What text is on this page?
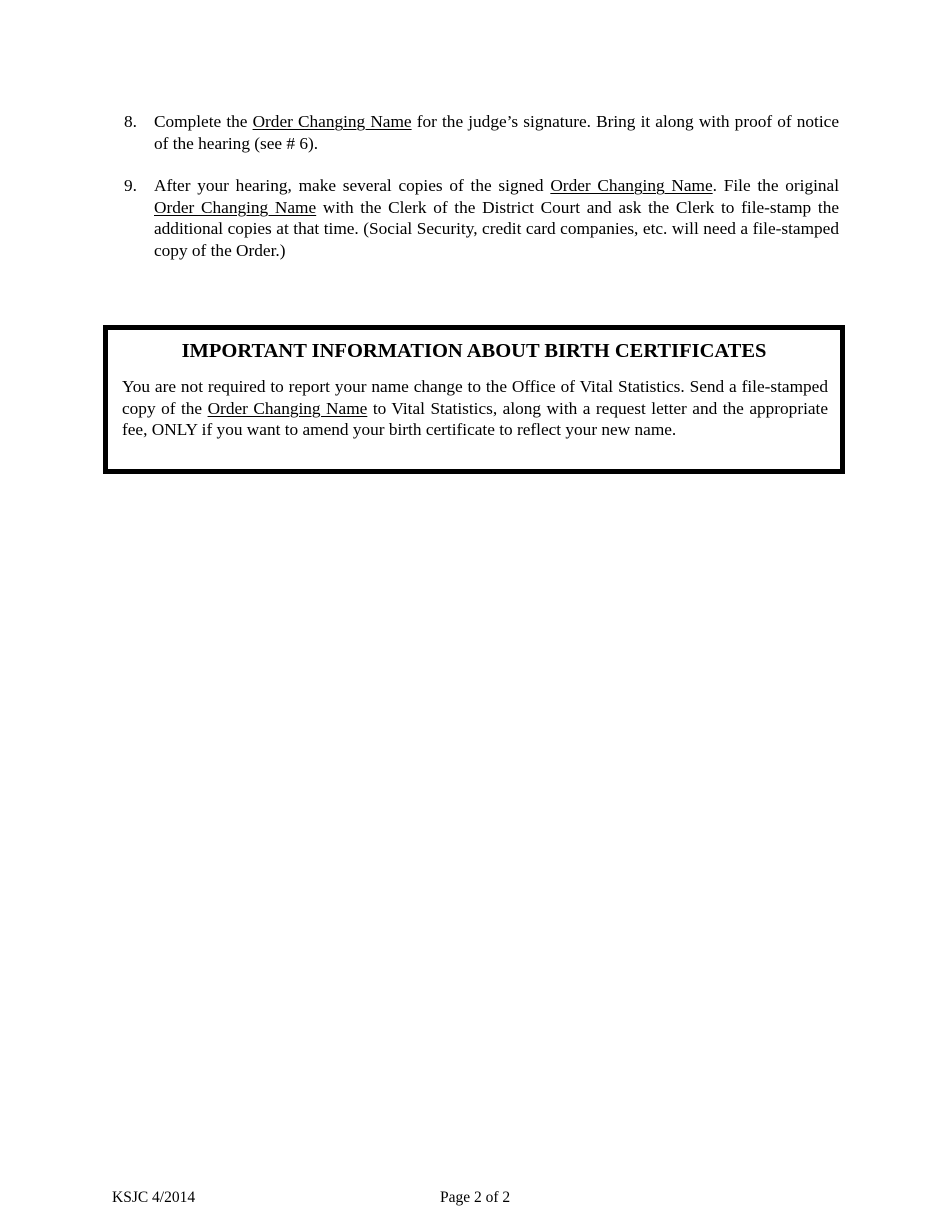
8. Complete the Order Changing Name for the judge’s signature. Bring it along with proof of notice of the hearing (see # 6).
9. After your hearing, make several copies of the signed Order Changing Name. File the original Order Changing Name with the Clerk of the District Court and ask the Clerk to file-stamp the additional copies at that time. (Social Security, credit card companies, etc. will need a file-stamped copy of the Order.)
IMPORTANT INFORMATION ABOUT BIRTH CERTIFICATES
You are not required to report your name change to the Office of Vital Statistics. Send a file-stamped copy of the Order Changing Name to Vital Statistics, along with a request letter and the appropriate fee, ONLY if you want to amend your birth certificate to reflect your new name.
KSJC 4/2014	Page 2 of 2
